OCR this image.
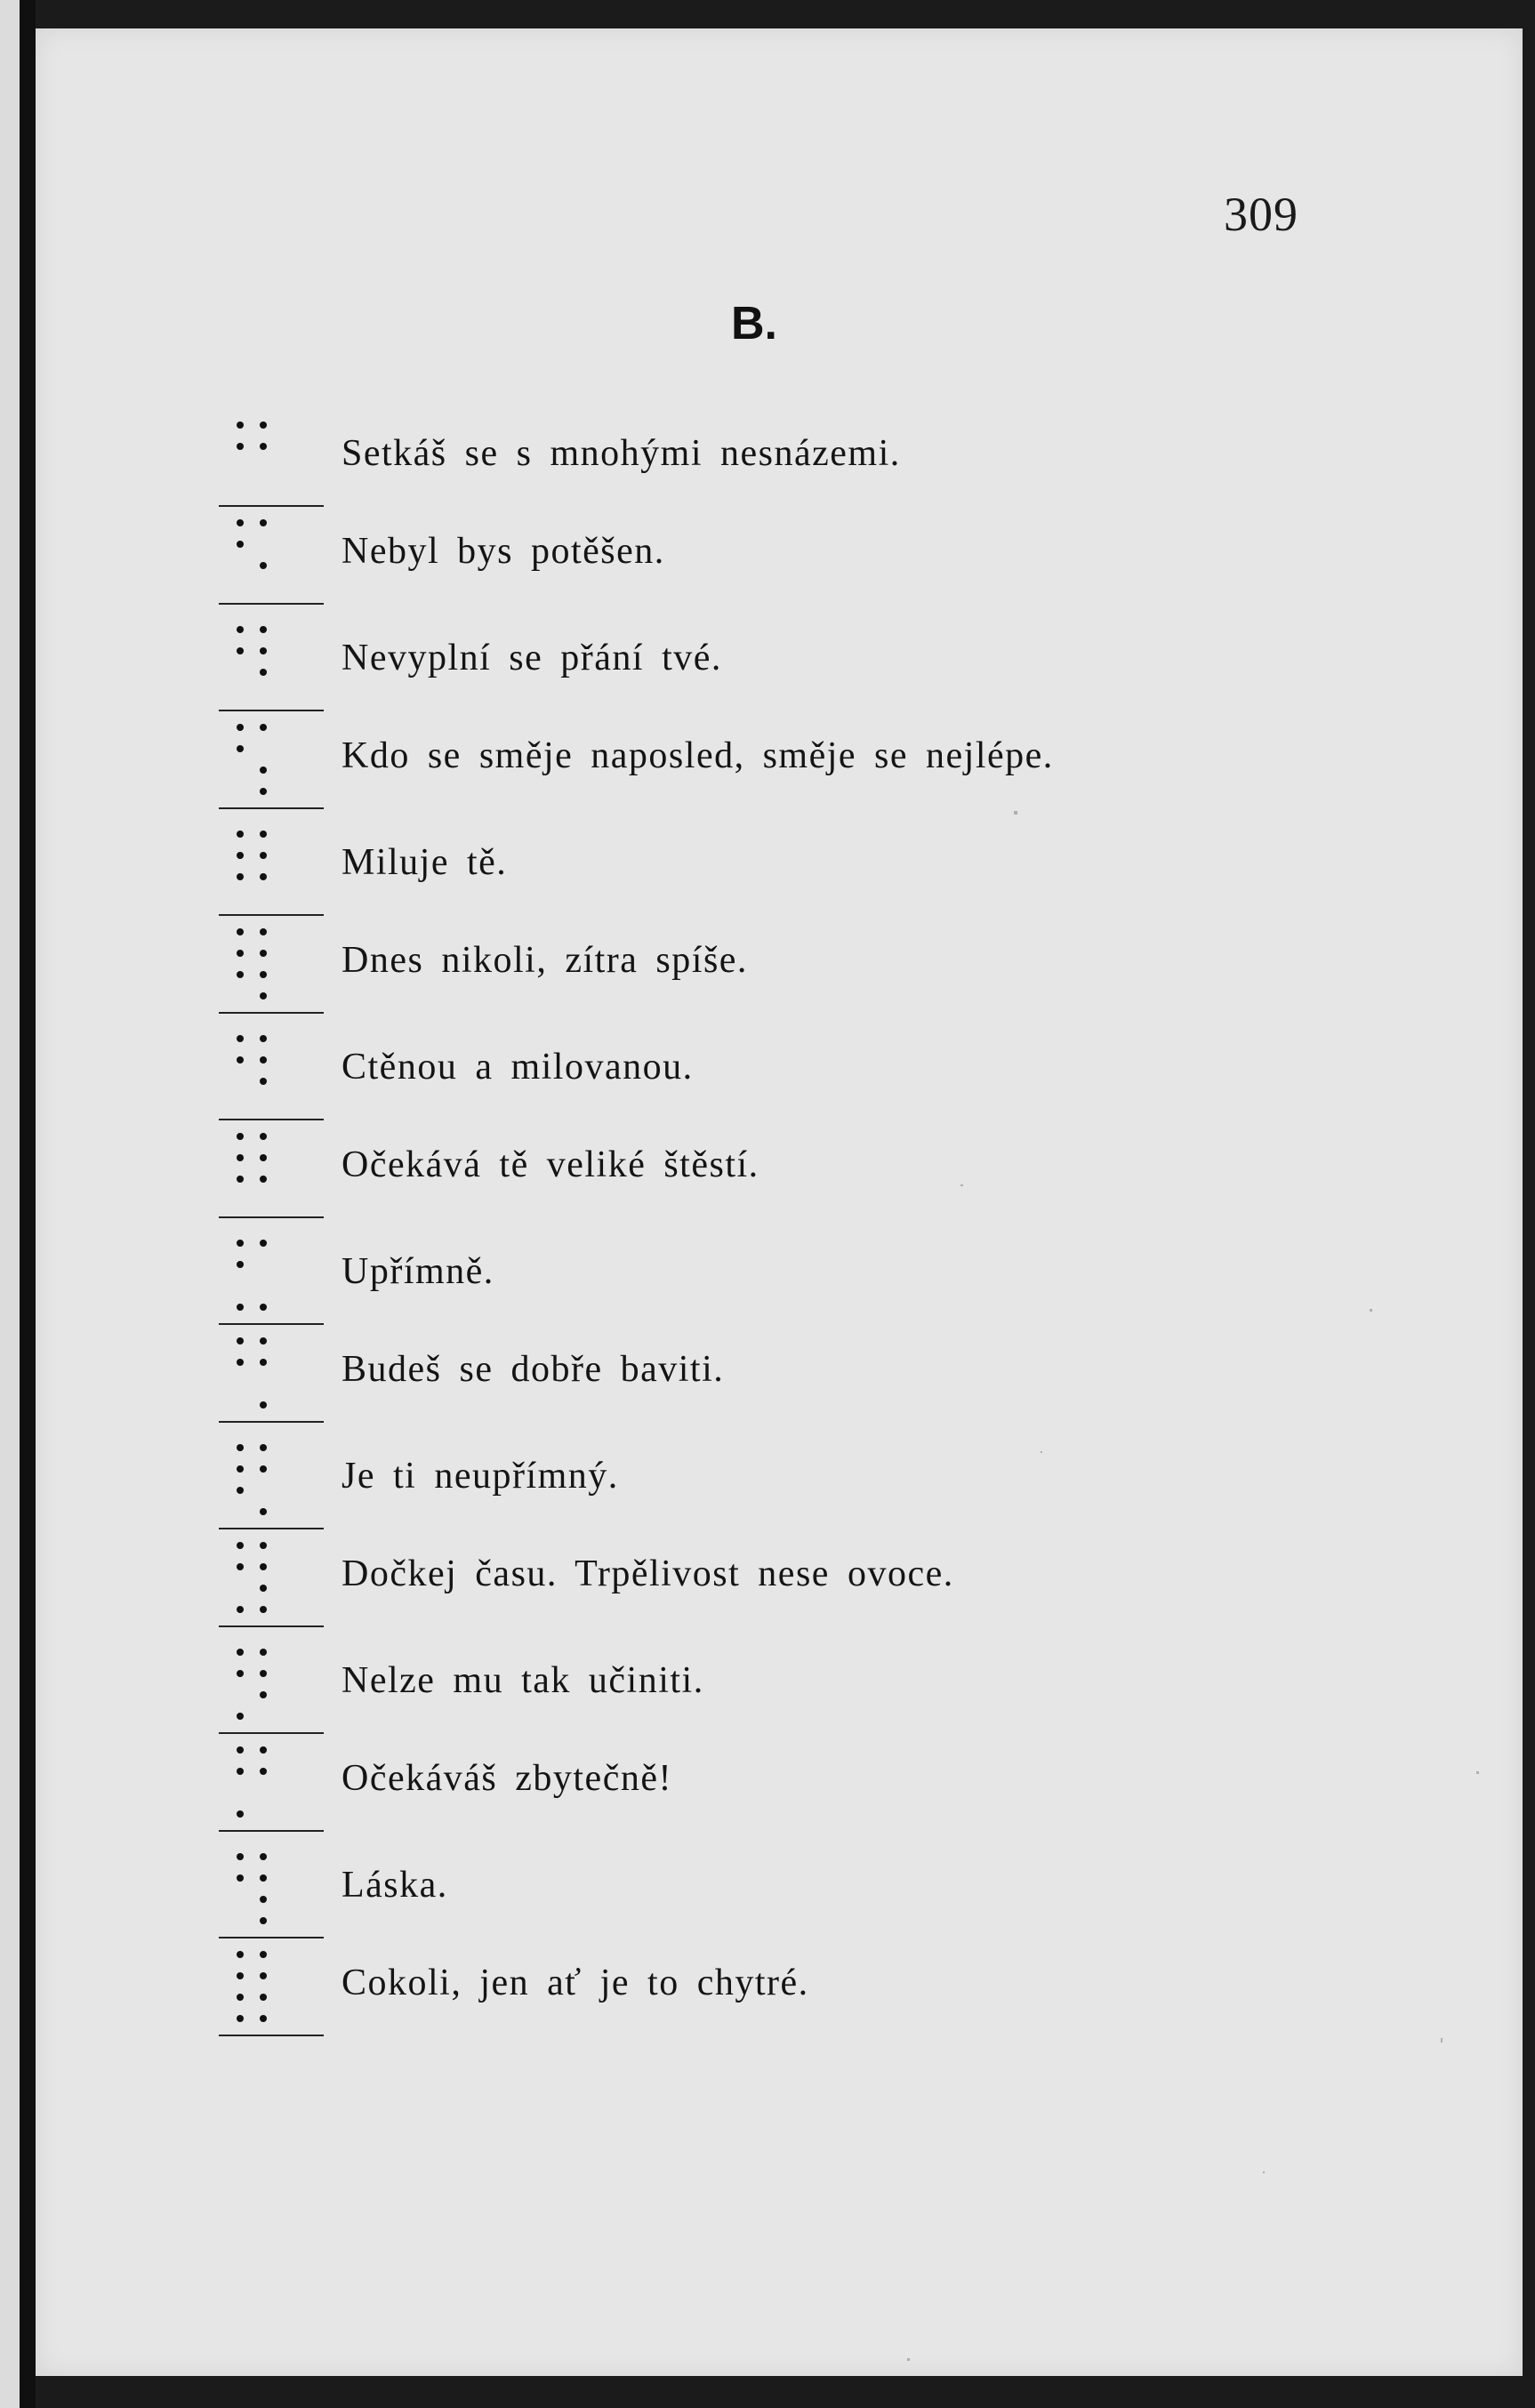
309
B.
Setkáš se s mnohými nesnázemi.
Nebyl bys potěšen.
Nevyplní se přání tvé.
Kdo se směje naposled, směje se nejlépe.
Miluje tě.
Dnes nikoli, zítra spíše.
Ctěnou a milovanou.
Očekává tě veliké štěstí.
Upřímně.
Budeš se dobře baviti.
Je ti neupřímný.
Dočkej času. Trpělivost nese ovoce.
Nelze mu tak učiniti.
Očekáváš zbytečně!
Láska.
Cokoli, jen ať je to chytré.
